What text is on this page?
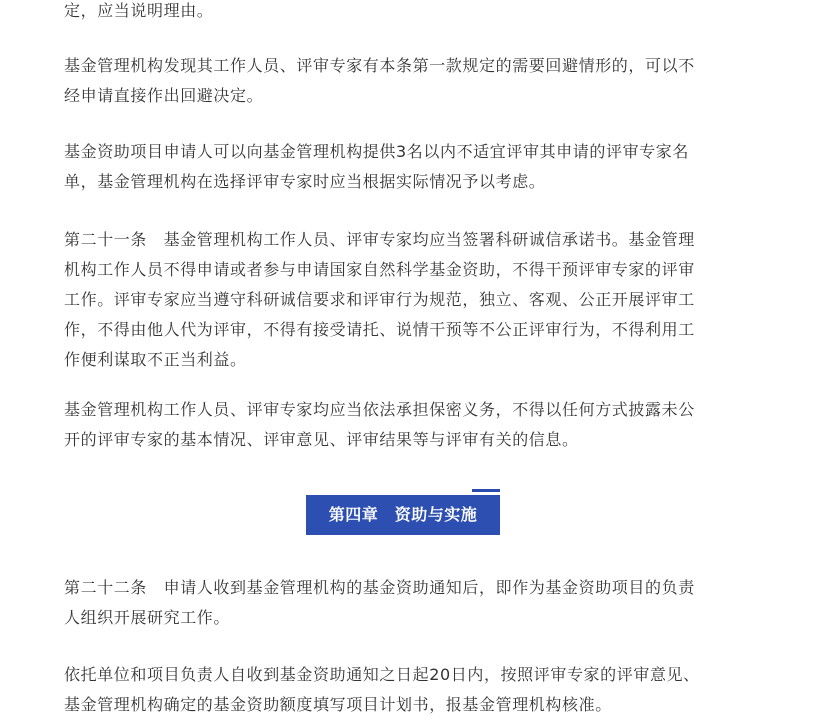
定，应当说明理由。

基金管理机构发现其工作人员、评审专家有本条第一款规定的需要回避情形的，可以不
经申请直接作出回避决定。

基金资助项目申请人可以向基金管理机构提供3名以内不适宜评审其申请的评审专家名
单，基金管理机构在选择评审专家时应当根据实际情况予以考虑。

第二十一条　基金管理机构工作人员、评审专家均应当签署科研诚信承诺书。基金管理
机构工作人员不得申请或者参与申请国家自然科学基金资助，不得干预评审专家的评审
工作。评审专家应当遵守科研诚信要求和评审行为规范，独立、客观、公正开展评审工
作，不得由他人代为评审，不得有接受请托、说情干预等不公正评审行为，不得利用工
作便利谋取不正当利益。

基金管理机构工作人员、评审专家均应当依法承担保密义务，不得以任何方式披露未公
开的评审专家的基本情况、评审意见、评审结果等与评审有关的信息。

第四章　资助与实施

第二十二条　申请人收到基金管理机构的基金资助通知后，即作为基金资助项目的负责
人组织开展研究工作。

依托单位和项目负责人自收到基金资助通知之日起20日内，按照评审专家的评审意见、
基金管理机构确定的基金资助额度填写项目计划书，报基金管理机构核准。
